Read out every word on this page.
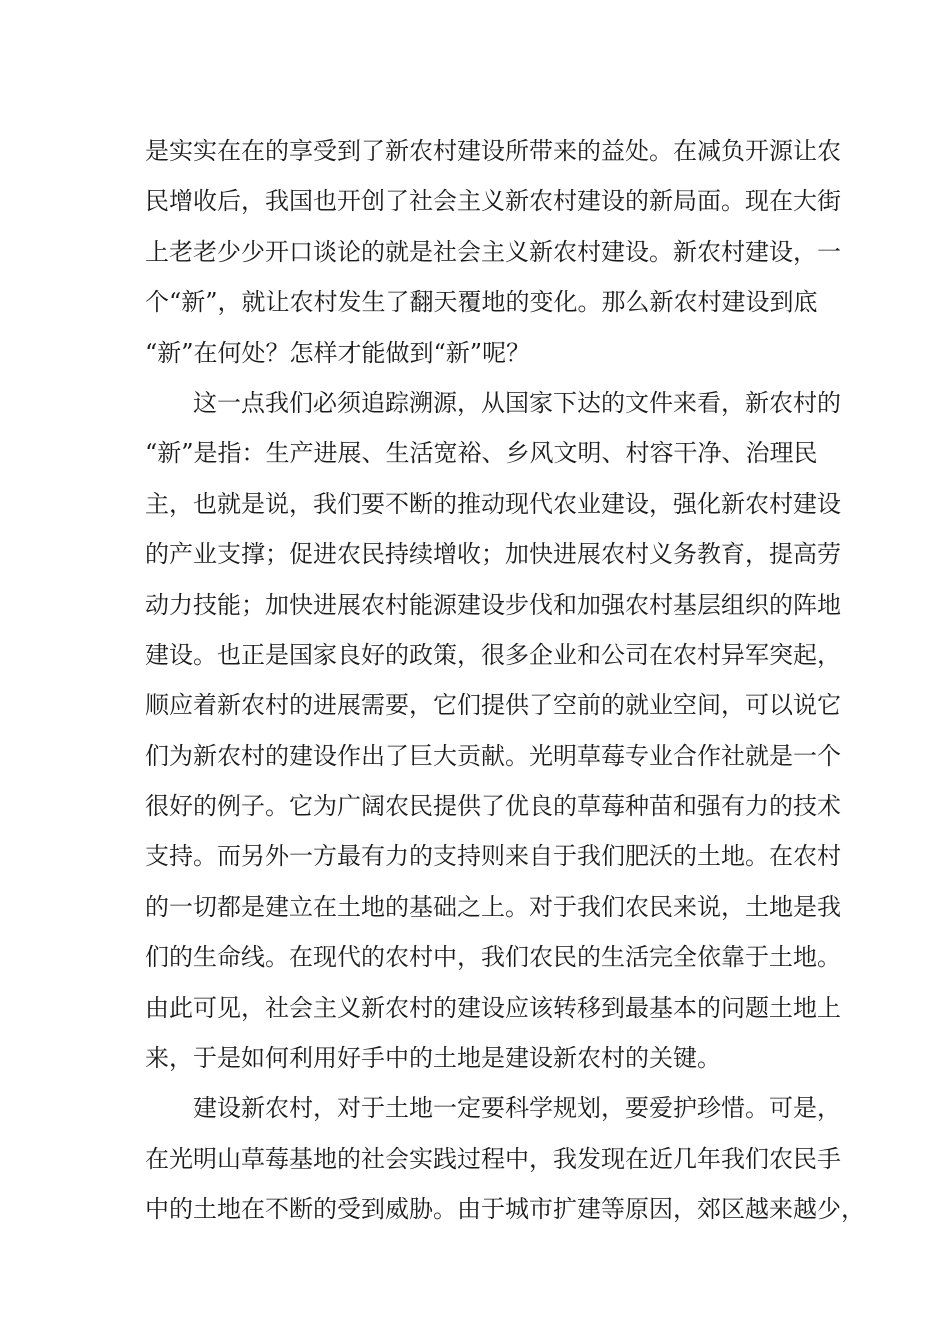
是实实在在的享受到了新农村建设所带来的益处。在减负开源让农
民增收后，我国也开创了社会主义新农村建设的新局面。现在大街
上老老少少开口谈论的就是社会主义新农村建设。新农村建设，一
个“新”，就让农村发生了翻天覆地的变化。那么新农村建设到底
“新”在何处？怎样才能做到“新”呢？
这一点我们必须追踪溯源，从国家下达的文件来看，新农村的
“新”是指：生产进展、生活宽裕、乡风文明、村容干净、治理民
主，也就是说，我们要不断的推动现代农业建设，强化新农村建设
的产业支撑；促进农民持续增收；加快进展农村义务教育，提高劳
动力技能；加快进展农村能源建设步伐和加强农村基层组织的阵地
建设。也正是国家良好的政策，很多企业和公司在农村异军突起，
顺应着新农村的进展需要，它们提供了空前的就业空间，可以说它
们为新农村的建设作出了巨大贡献。光明草莓专业合作社就是一个
很好的例子。它为广阔农民提供了优良的草莓种苗和强有力的技术
支持。而另外一方最有力的支持则来自于我们肥沃的土地。在农村
的一切都是建立在土地的基础之上。对于我们农民来说，土地是我
们的生命线。在现代的农村中，我们农民的生活完全依靠于土地。
由此可见，社会主义新农村的建设应该转移到最基本的问题土地上
来，于是如何利用好手中的土地是建设新农村的关键。
建设新农村，对于土地一定要科学规划，要爱护珍惜。可是，
在光明山草莓基地的社会实践过程中，我发现在近几年我们农民手
中的土地在不断的受到威胁。由于城市扩建等原因，郊区越来越少，
